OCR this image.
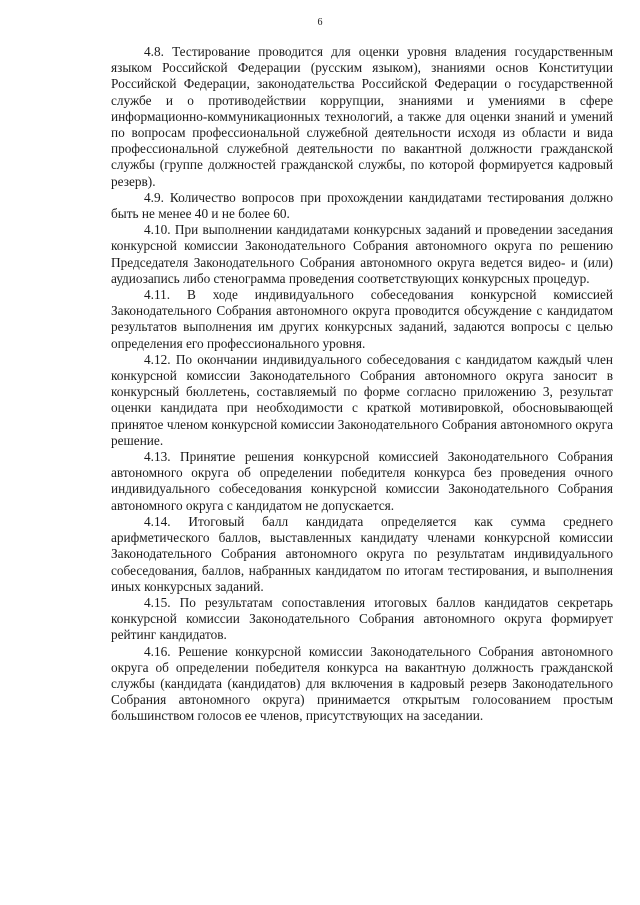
6

4.8. Тестирование проводится для оценки уровня владения государственным языком Российской Федерации (русским языком), знаниями основ Конституции Российской Федерации, законодательства Российской Федерации о государственной службе и о противодействии коррупции, знаниями и умениями в сфере информационно-коммуникационных технологий, а также для оценки знаний и умений по вопросам профессиональной служебной деятельности исходя из области и вида профессиональной служебной деятельности по вакантной должности гражданской службы (группе должностей гражданской службы, по которой формируется кадровый резерв).

4.9. Количество вопросов при прохождении кандидатами тестирования должно быть не менее 40 и не более 60.

4.10. При выполнении кандидатами конкурсных заданий и проведении заседания конкурсной комиссии Законодательного Собрания автономного округа по решению Председателя Законодательного Собрания автономного округа ведется видео- и (или) аудиозапись либо стенограмма проведения соответствующих конкурсных процедур.

4.11. В ходе индивидуального собеседования конкурсной комиссией Законодательного Собрания автономного округа проводится обсуждение с кандидатом результатов выполнения им других конкурсных заданий, задаются вопросы с целью определения его профессионального уровня.

4.12. По окончании индивидуального собеседования с кандидатом каждый член конкурсной комиссии Законодательного Собрания автономного округа заносит в конкурсный бюллетень, составляемый по форме согласно приложению 3, результат оценки кандидата при необходимости с краткой мотивировкой, обосновывающей принятое членом конкурсной комиссии Законодательного Собрания автономного округа решение.

4.13. Принятие решения конкурсной комиссией Законодательного Собрания автономного округа об определении победителя конкурса без проведения очного индивидуального собеседования конкурсной комиссии Законодательного Собрания автономного округа с кандидатом не допускается.

4.14. Итоговый балл кандидата определяется как сумма среднего арифметического баллов, выставленных кандидату членами конкурсной комиссии Законодательного Собрания автономного округа по результатам индивидуального собеседования, баллов, набранных кандидатом по итогам тестирования, и выполнения иных конкурсных заданий.

4.15. По результатам сопоставления итоговых баллов кандидатов секретарь конкурсной комиссии Законодательного Собрания автономного округа формирует рейтинг кандидатов.

4.16. Решение конкурсной комиссии Законодательного Собрания автономного округа об определении победителя конкурса на вакантную должность гражданской службы (кандидата (кандидатов) для включения в кадровый резерв Законодательного Собрания автономного округа) принимается открытым голосованием простым большинством голосов ее членов, присутствующих на заседании.
